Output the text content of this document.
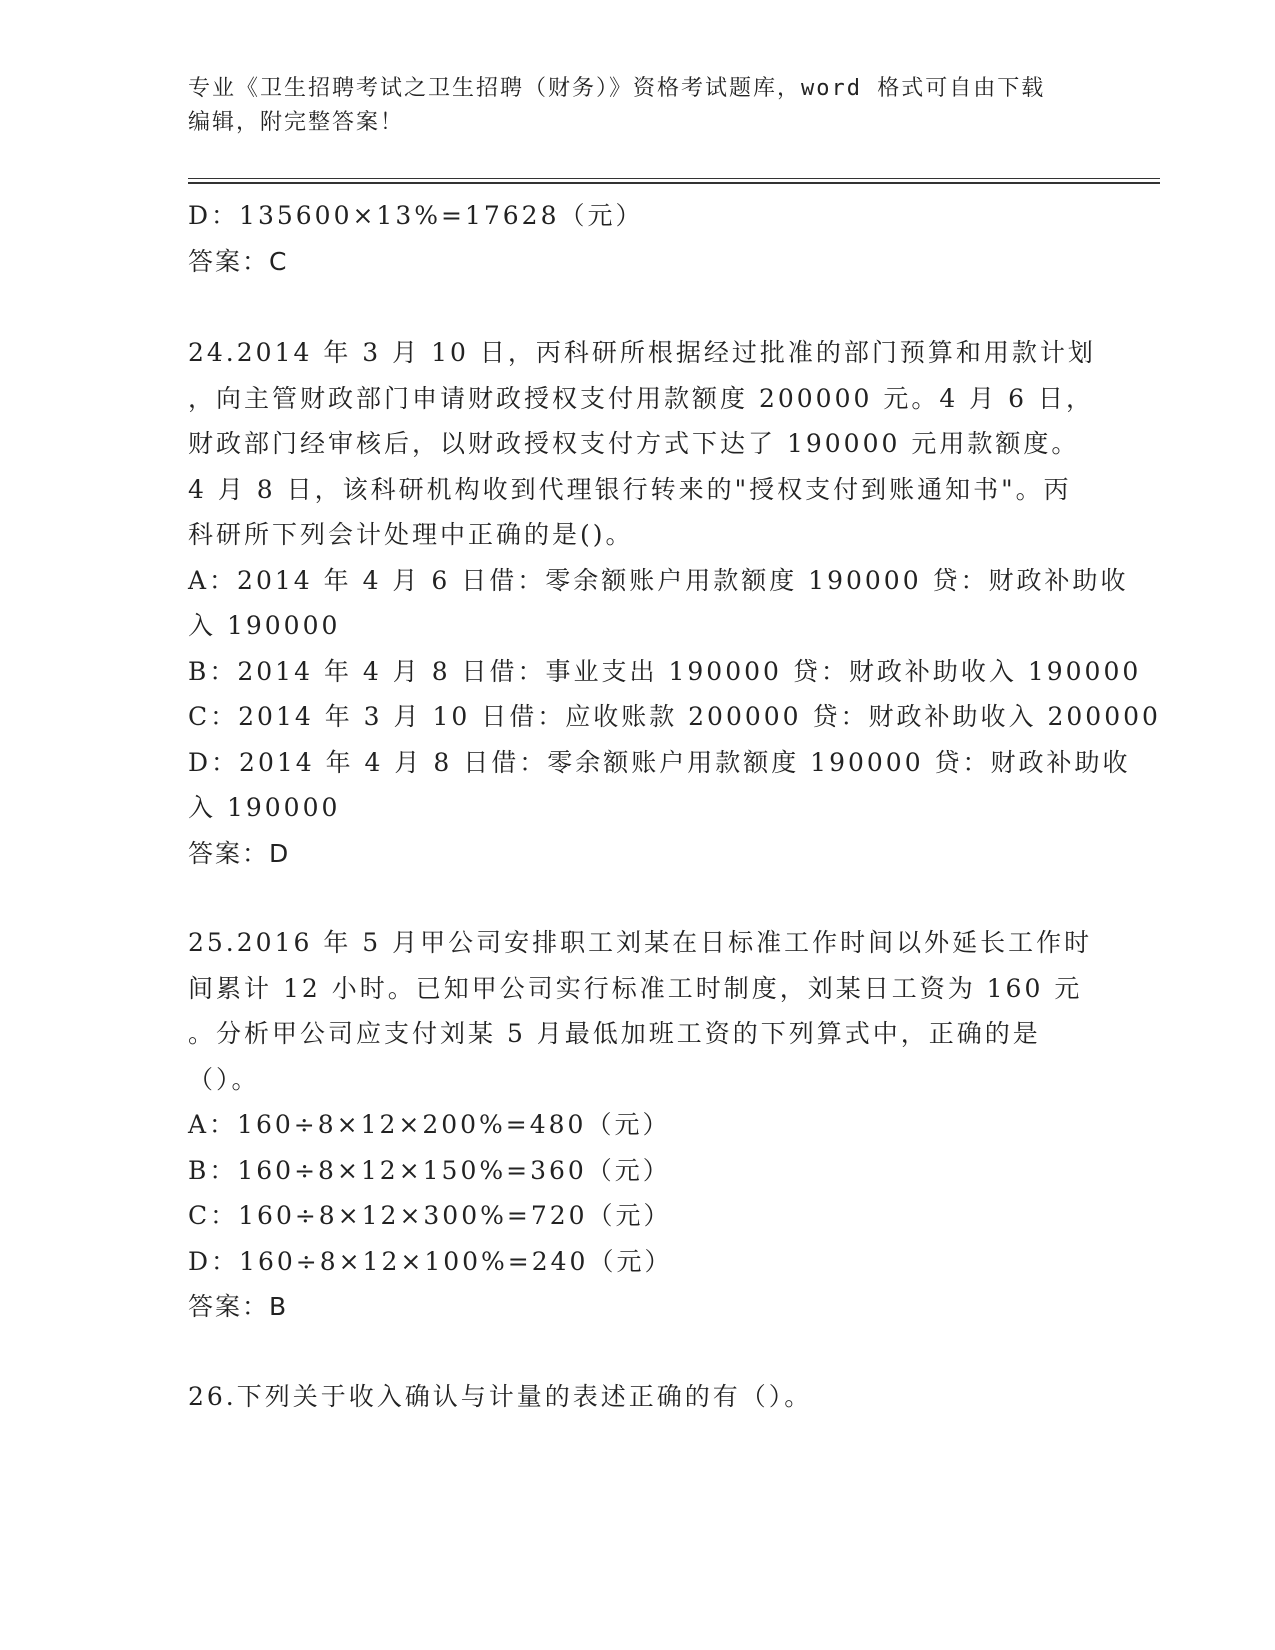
专业《卫生招聘考试之卫生招聘（财务）》资格考试题库，word 格式可自由下载
编辑，附完整答案！

D：135600×13%=17628（元）

答案：C

24.2014 年 3 月 10 日，丙科研所根据经过批准的部门预算和用款计划

，向主管财政部门申请财政授权支付用款额度 200000 元。4 月 6 日，

财政部门经审核后，以财政授权支付方式下达了 190000 元用款额度。

4 月 8 日，该科研机构收到代理银行转来的"授权支付到账通知书"。丙

科研所下列会计处理中正确的是()。

A：2014 年 4 月 6 日借：零余额账户用款额度 190000 贷：财政补助收

入 190000

B：2014 年 4 月 8 日借：事业支出 190000 贷：财政补助收入 190000

C：2014 年 3 月 10 日借：应收账款 200000 贷：财政补助收入 200000

D：2014 年 4 月 8 日借：零余额账户用款额度 190000 贷：财政补助收

入 190000

答案：D

25.2016 年 5 月甲公司安排职工刘某在日标准工作时间以外延长工作时

间累计 12 小时。已知甲公司实行标准工时制度，刘某日工资为 160 元

。分析甲公司应支付刘某 5 月最低加班工资的下列算式中，正确的是

（）。

A：160÷8×12×200%=480（元）

B：160÷8×12×150%=360（元）

C：160÷8×12×300%=720（元）

D：160÷8×12×100%=240（元）

答案：B

26.下列关于收入确认与计量的表述正确的有（）。
